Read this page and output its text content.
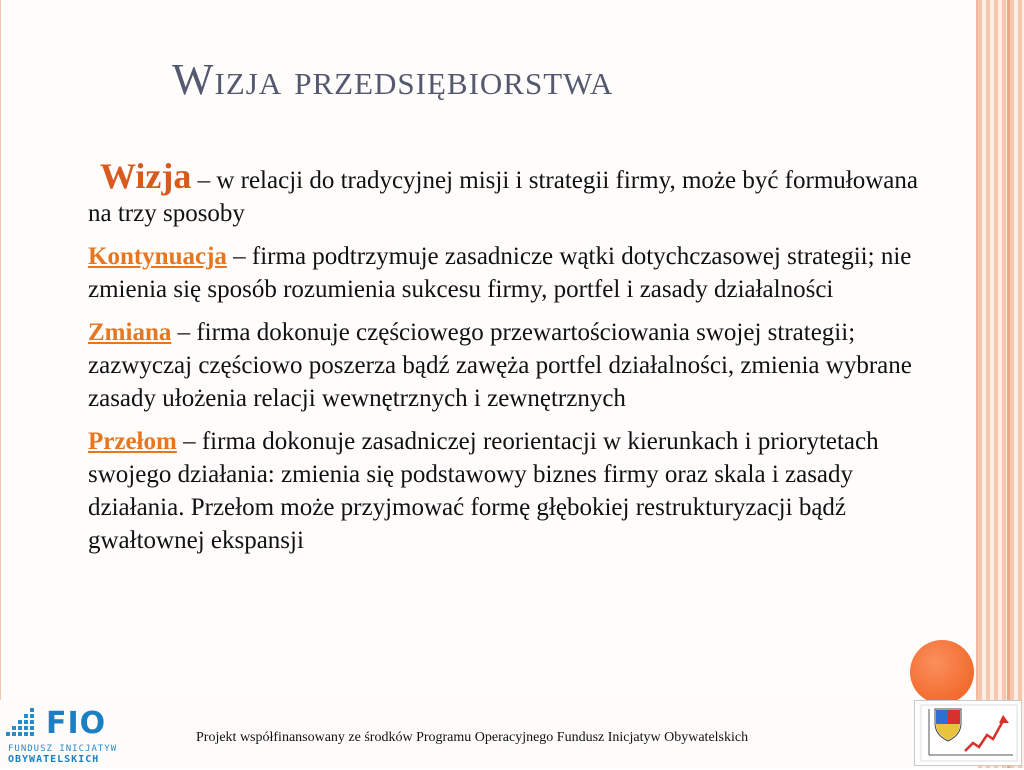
Wizja przedsiębiorstwa

Wizja – w relacji do tradycyjnej misji i strategii firmy, może być formułowana na trzy sposoby

Kontynuacja – firma podtrzymuje zasadnicze wątki dotychczasowej strategii; nie zmienia się sposób rozumienia sukcesu firmy, portfel i zasady działalności

Zmiana – firma dokonuje częściowego przewartościowania swojej strategii; zazwyczaj częściowo poszerza bądź zawęża portfel działalności, zmienia wybrane zasady ułożenia relacji wewnętrznych i zewnętrznych

Przełom – firma dokonuje zasadniczej reorientacji w kierunkach i priorytetach swojego działania: zmienia się podstawowy biznes firmy oraz skala i zasady działania. Przełom może przyjmować formę głębokiej restrukturyzacji bądź gwałtownej ekspansji

FIO
FUNDUSZ INICJATYW
OBYWATELSKICH
Projekt współfinansowany ze środków Programu Operacyjnego Fundusz Inicjatyw Obywatelskich
